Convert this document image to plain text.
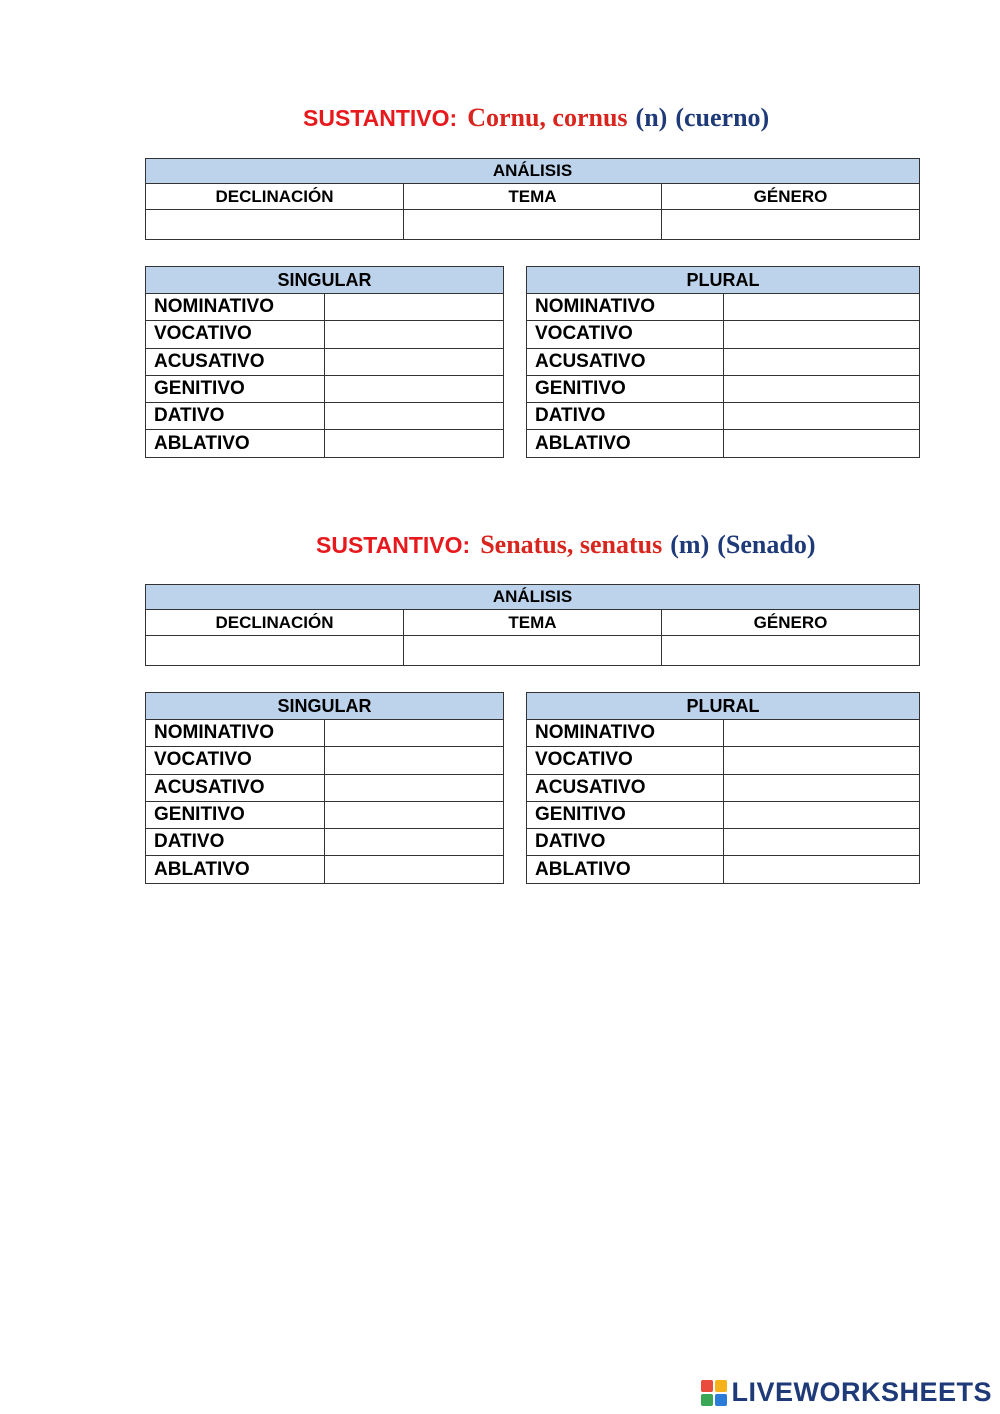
SUSTANTIVO: Cornu, cornus (n) (cuerno)
ANÁLISIS		
DECLINACIÓN	TEMA	GÉNERO

SINGULAR	
NOMINATIVO	
VOCATIVO	
ACUSATIVO	
GENITIVO	
DATIVO	
ABLATIVO	
PLURAL	
NOMINATIVO	
VOCATIVO	
ACUSATIVO	
GENITIVO	
DATIVO	
ABLATIVO	
SUSTANTIVO: Senatus, senatus (m) (Senado)
ANÁLISIS		
DECLINACIÓN	TEMA	GÉNERO

SINGULAR	
NOMINATIVO	
VOCATIVO	
ACUSATIVO	
GENITIVO	
DATIVO	
ABLATIVO	
PLURAL	
NOMINATIVO	
VOCATIVO	
ACUSATIVO	
GENITIVO	
DATIVO	
ABLATIVO	
LIVEWORKSHEETS
